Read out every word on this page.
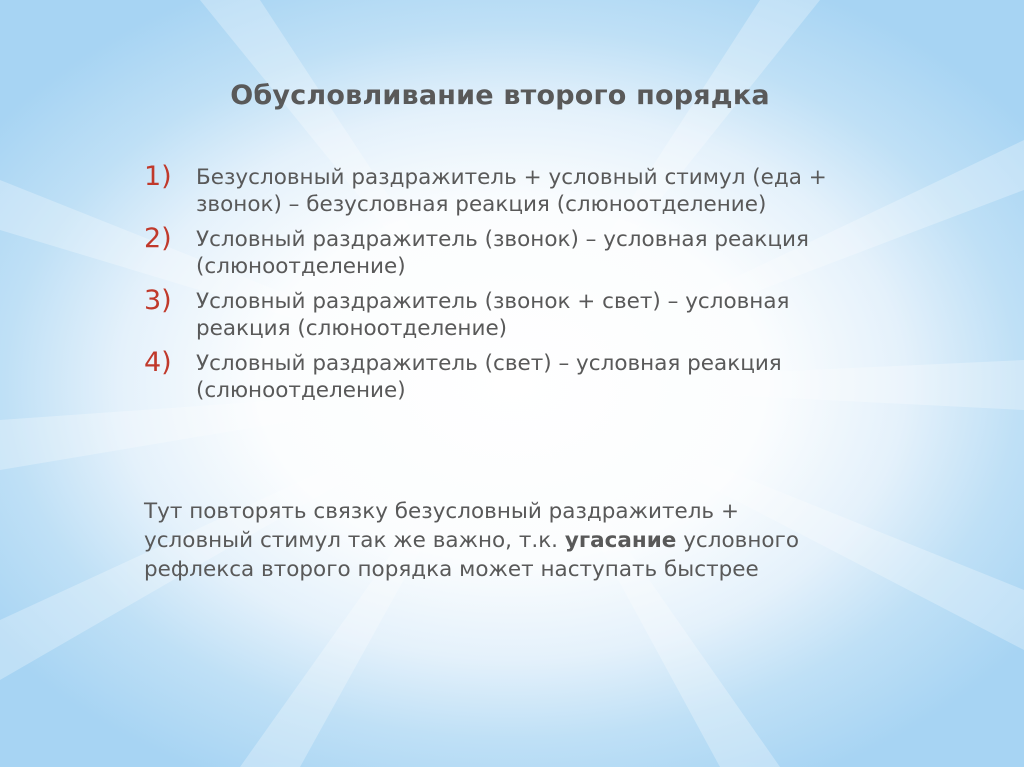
Обусловливание второго порядка
1) Безусловный раздражитель + условный стимул (еда + звонок) – безусловная реакция (слюноотделение)
2) Условный раздражитель (звонок) – условная реакция (слюноотделение)
3) Условный раздражитель (звонок + свет) – условная реакция (слюноотделение)
4) Условный раздражитель (свет) – условная реакция (слюноотделение)
Тут повторять связку безусловный раздражитель + условный стимул так же важно, т.к. угасание условного рефлекса второго порядка может наступать быстрее
